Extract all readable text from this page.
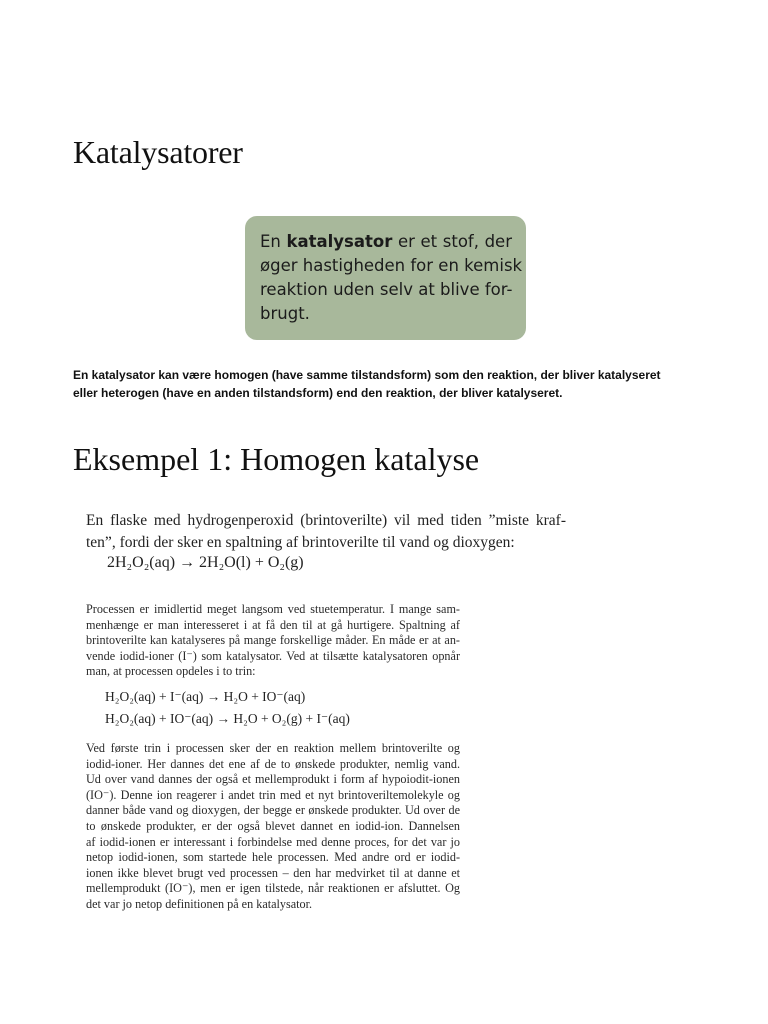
Katalysatorer
En katalysator er et stof, der
øger hastigheden for en kemisk
reaktion uden selv at blive for-
brugt.
En katalysator kan være homogen (have samme tilstandsform) som den reaktion, der bliver katalyseret
eller heterogen (have en anden tilstandsform) end den reaktion, der bliver katalyseret.
Eksempel 1: Homogen katalyse
En flaske med hydrogenperoxid (brintoverilte) vil med tiden ”miste kraf-
ten”, fordi der sker en spaltning af brintoverilte til vand og dioxygen:
2H₂O₂(aq) → 2H₂O(l) + O₂(g)
Processen er imidlertid meget langsom ved stuetemperatur. I mange sam-
menhænge er man interesseret i at få den til at gå hurtigere. Spaltning af
brintoverilte kan katalyseres på mange forskellige måder. En måde er at an-
vende iodid-ioner (I⁻) som katalysator. Ved at tilsætte katalysatoren opnår
man, at processen opdeles i to trin:
H₂O₂(aq) + I⁻(aq) → H₂O + IO⁻(aq)
H₂O₂(aq) + IO⁻(aq) → H₂O + O₂(g) + I⁻(aq)
Ved første trin i processen sker der en reaktion mellem brintoverilte og
iodid-ioner. Her dannes det ene af de to ønskede produkter, nemlig vand.
Ud over vand dannes der også et mellemprodukt i form af hypoiodit-ionen
(IO⁻). Denne ion reagerer i andet trin med et nyt brintoveriltemolekyle og
danner både vand og dioxygen, der begge er ønskede produkter. Ud over de
to ønskede produkter, er der også blevet dannet en iodid-ion. Dannelsen
af iodid-ionen er interessant i forbindelse med denne proces, for det var jo
netop iodid-ionen, som startede hele processen. Med andre ord er iodid-
ionen ikke blevet brugt ved processen – den har medvirket til at danne et
mellemprodukt (IO⁻), men er igen tilstede, når reaktionen er afsluttet. Og
det var jo netop definitionen på en katalysator.
